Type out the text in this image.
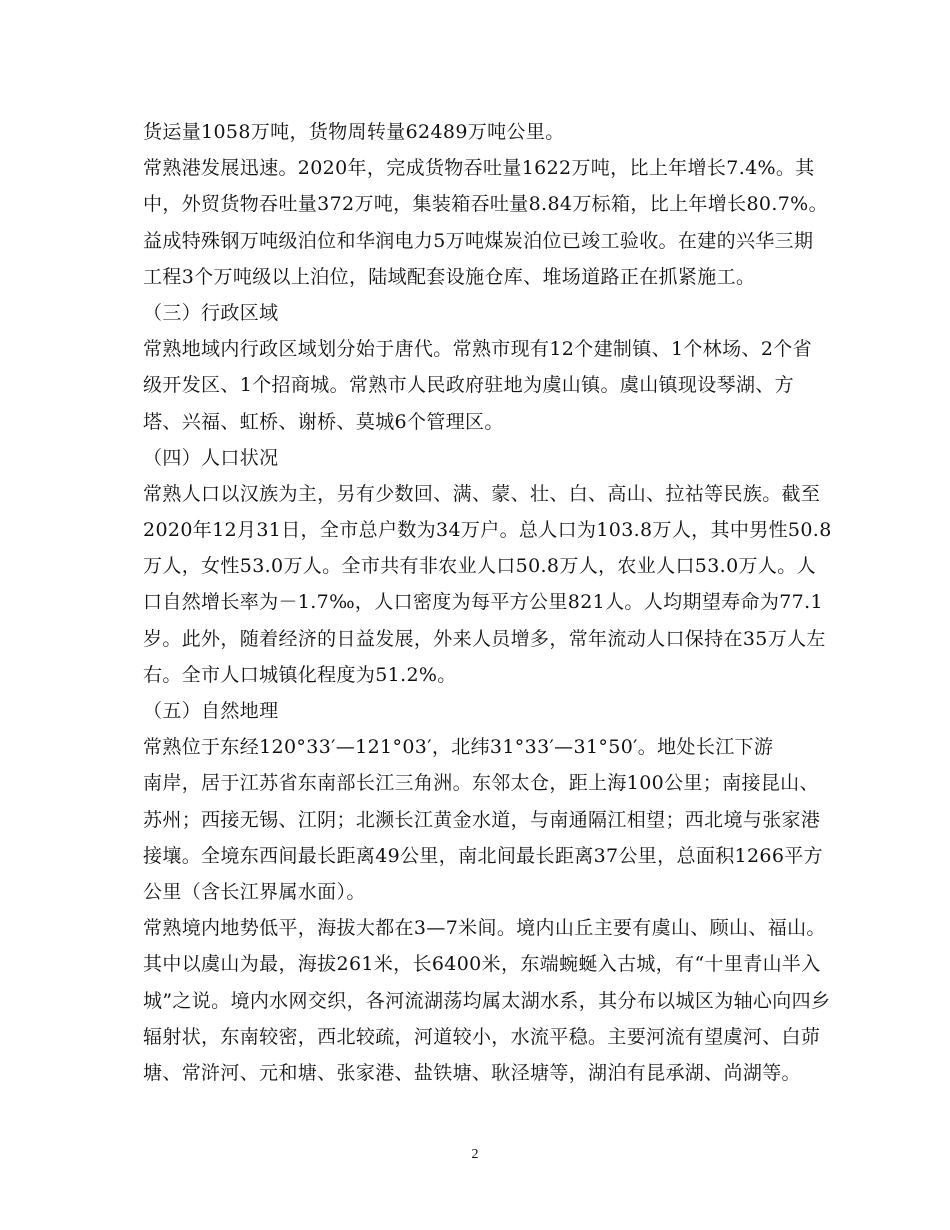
货运量1058万吨，货物周转量62489万吨公里。
常熟港发展迅速。2020年，完成货物吞吐量1622万吨，比上年增长7.4%。其
中，外贸货物吞吐量372万吨，集装箱吞吐量8.84万标箱，比上年增长80.7%。
益成特殊钢万吨级泊位和华润电力5万吨煤炭泊位已竣工验收。在建的兴华三期
工程3个万吨级以上泊位，陆域配套设施仓库、堆场道路正在抓紧施工。
（三）行政区域
常熟地域内行政区域划分始于唐代。常熟市现有12个建制镇、1个林场、2个省
级开发区、1个招商城。常熟市人民政府驻地为虞山镇。虞山镇现设琴湖、方
塔、兴福、虹桥、谢桥、莫城6个管理区。
（四）人口状况
常熟人口以汉族为主，另有少数回、满、蒙、壮、白、高山、拉祜等民族。截至
2020年12月31日，全市总户数为34万户。总人口为103.8万人，其中男性50.8
万人，女性53.0万人。全市共有非农业人口50.8万人，农业人口53.0万人。人
口自然增长率为－1.7‰，人口密度为每平方公里821人。人均期望寿命为77.1
岁。此外，随着经济的日益发展，外来人员增多，常年流动人口保持在35万人左
右。全市人口城镇化程度为51.2%。
（五）自然地理
常熟位于东经120°33′—121°03′，北纬31°33′—31°50′。地处长江下游
南岸，居于江苏省东南部长江三角洲。东邻太仓，距上海100公里；南接昆山、
苏州；西接无锡、江阴；北濒长江黄金水道，与南通隔江相望；西北境与张家港
接壤。全境东西间最长距离49公里，南北间最长距离37公里，总面积1266平方
公里（含长江界属水面）。
常熟境内地势低平，海拔大都在3—7米间。境内山丘主要有虞山、顾山、福山。
其中以虞山为最，海拔261米，长6400米，东端蜿蜒入古城，有“十里青山半入
城”之说。境内水网交织，各河流湖荡均属太湖水系，其分布以城区为轴心向四乡
辐射状，东南较密，西北较疏，河道较小，水流平稳。主要河流有望虞河、白茆
塘、常浒河、元和塘、张家港、盐铁塘、耿泾塘等，湖泊有昆承湖、尚湖等。
2
